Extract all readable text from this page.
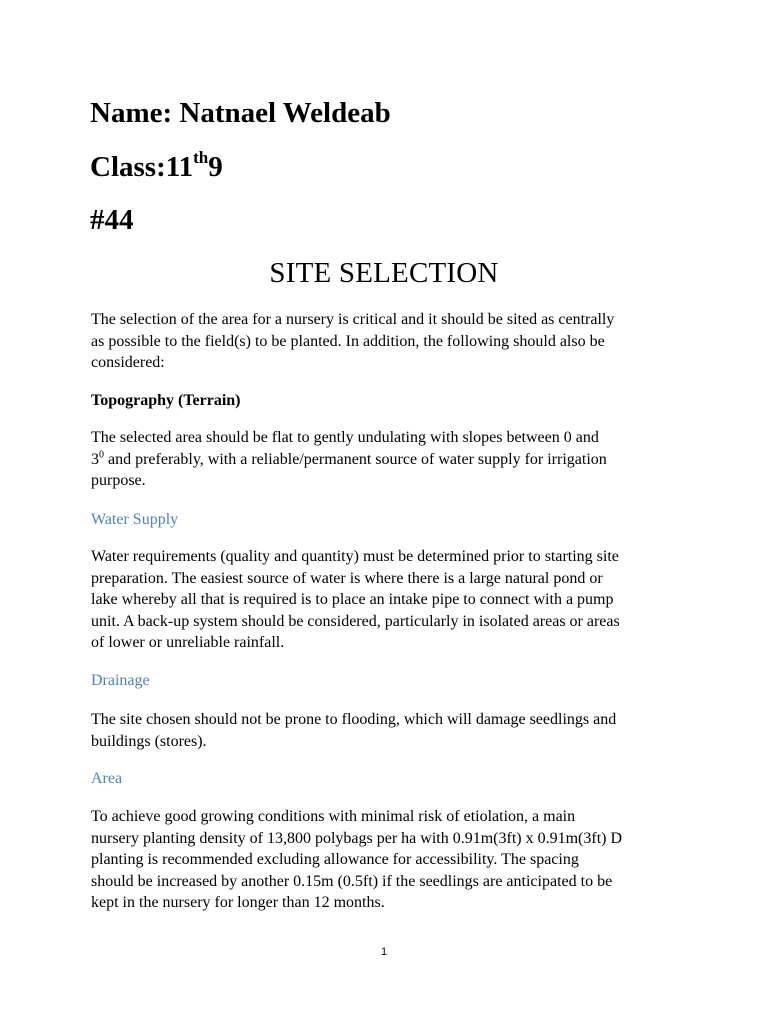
Name: Natnael Weldeab
Class:11th9
#44
SITE SELECTION

The selection of the area for a nursery is critical and it should be sited as centrally
as possible to the field(s) to be planted. In addition, the following should also be
considered:

Topography (Terrain)

The selected area should be flat to gently undulating with slopes between 0 and
$3^0$ and preferably, with a reliable/permanent source of water supply for irrigation
purpose.

Water Supply

Water requirements (quality and quantity) must be determined prior to starting site
preparation. The easiest source of water is where there is a large natural pond or
lake whereby all that is required is to place an intake pipe to connect with a pump
unit. A back-up system should be considered, particularly in isolated areas or areas
of lower or unreliable rainfall.

Drainage

The site chosen should not be prone to flooding, which will damage seedlings and
buildings (stores).

Area

To achieve good growing conditions with minimal risk of etiolation, a main
nursery planting density of 13,800 polybags per ha with 0.91m(3ft) x 0.91m(3ft) D
planting is recommended excluding allowance for accessibility. The spacing
should be increased by another 0.15m (0.5ft) if the seedlings are anticipated to be
kept in the nursery for longer than 12 months.

1
